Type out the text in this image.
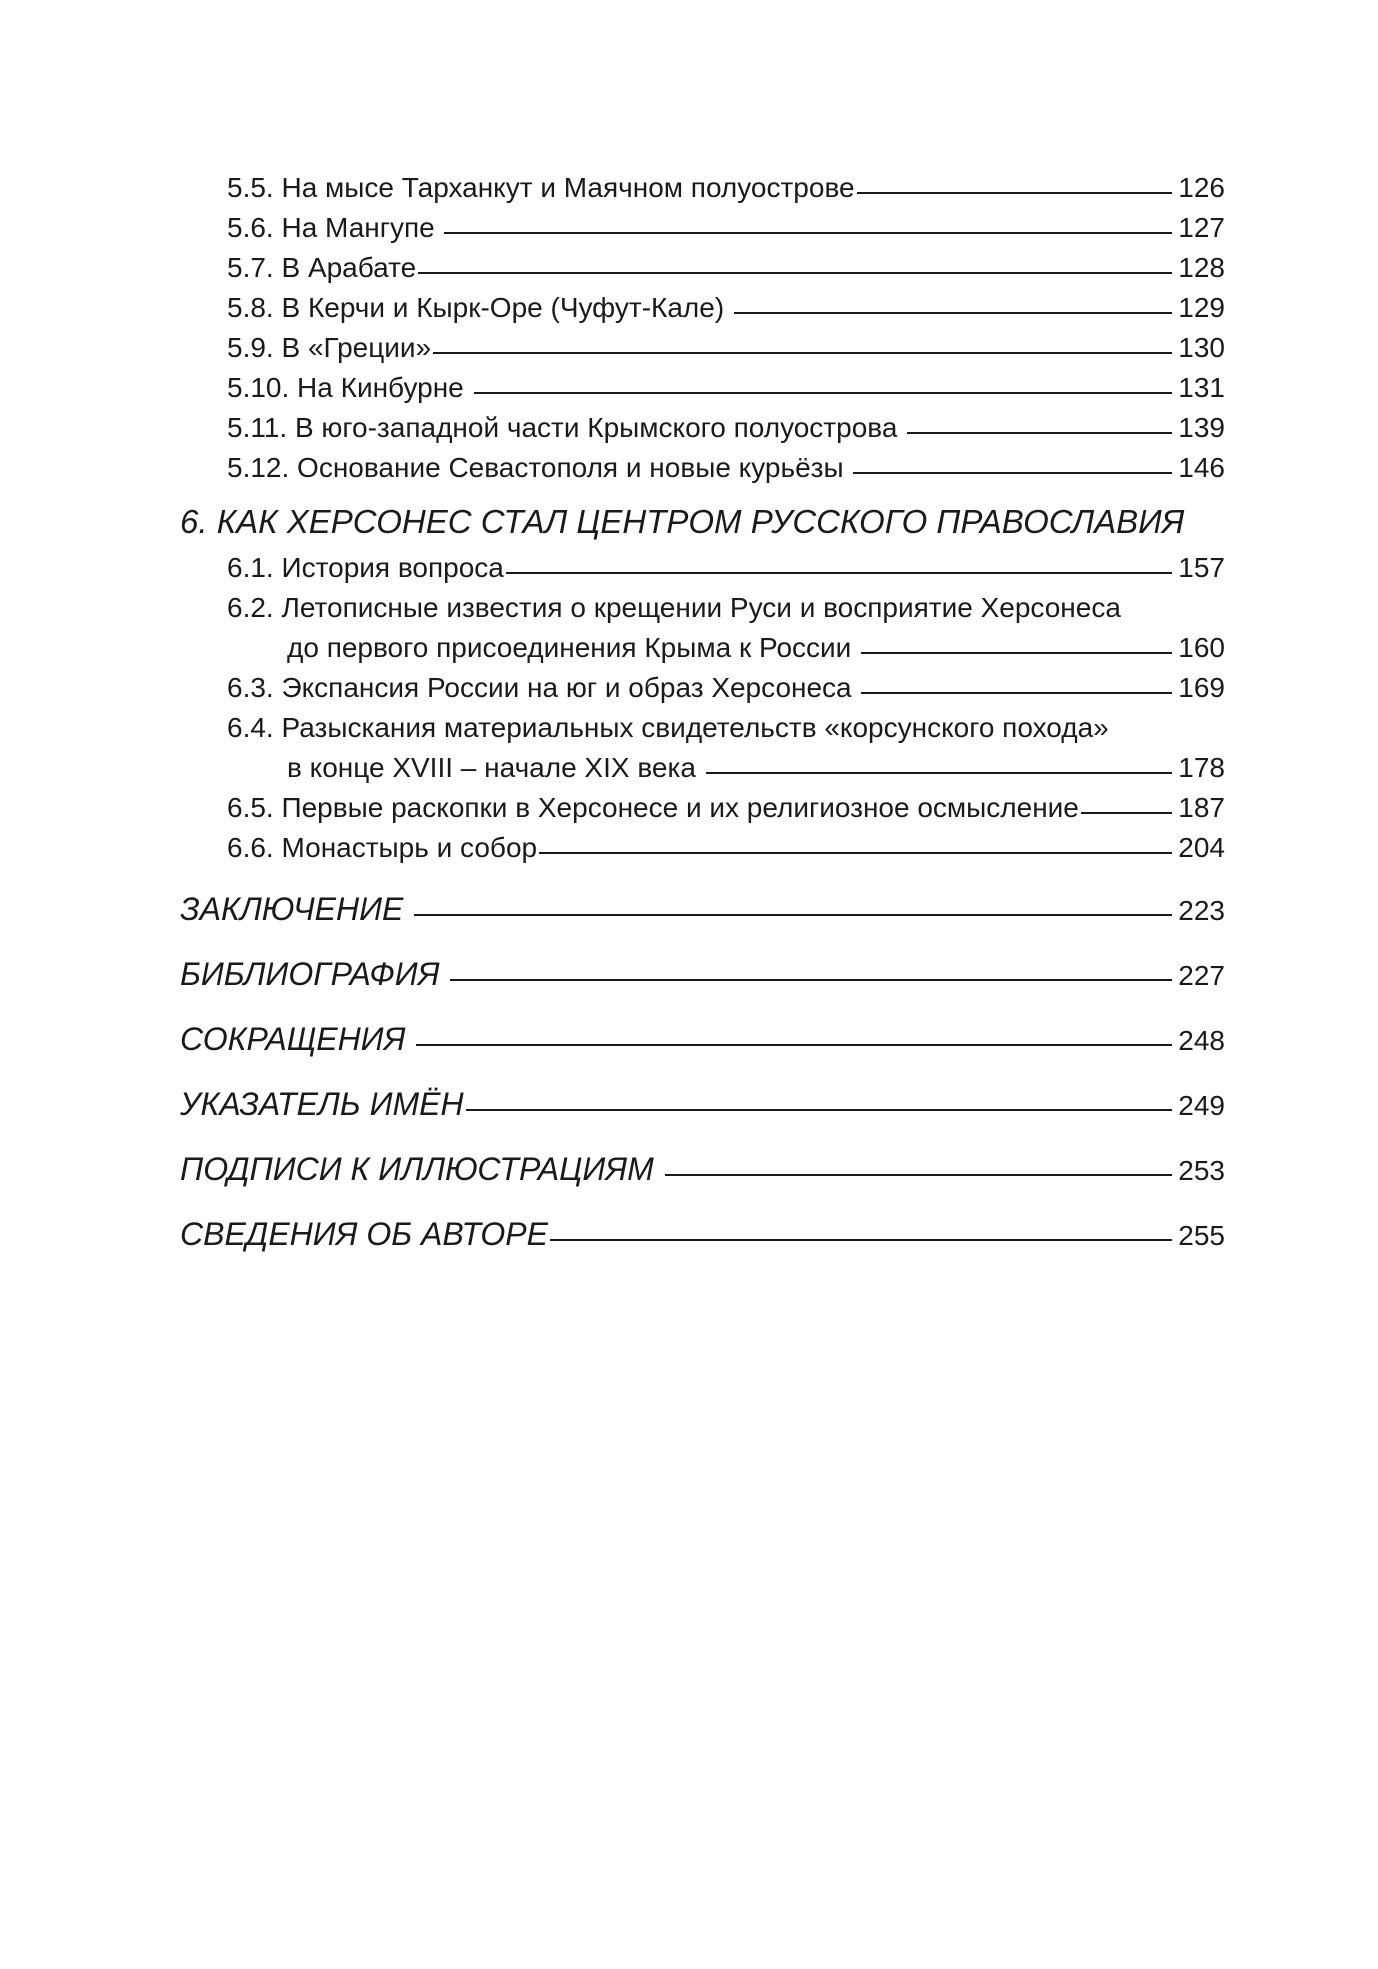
5.5. На мысе Тарханкут и Маячном полуострове	126
5.6. На Мангупе	127
5.7. В Арабате	128
5.8. В Керчи и Кырк-Оре (Чуфут-Кале)	129
5.9. В «Греции»	130
5.10. На Кинбурне	131
5.11. В юго-западной части Крымского полуострова	139
5.12. Основание Севастополя и новые курьёзы	146
6. КАК ХЕРСОНЕС СТАЛ ЦЕНТРОМ РУССКОГО ПРАВОСЛАВИЯ
6.1. История вопроса	157
6.2. Летописные известия о крещении Руси и восприятие Херсонеса
до первого присоединения Крыма к России	160
6.3. Экспансия России на юг и образ Херсонеса	169
6.4. Разыскания материальных свидетельств «корсунского похода»
в конце XVIII – начале XIX века	178
6.5. Первые раскопки в Херсонесе и их религиозное осмысление	187
6.6. Монастырь и собор	204
ЗАКЛЮЧЕНИЕ	223
БИБЛИОГРАФИЯ	227
СОКРАЩЕНИЯ	248
УКАЗАТЕЛЬ ИМЁН	249
ПОДПИСИ К ИЛЛЮСТРАЦИЯМ	253
СВЕДЕНИЯ ОБ АВТОРЕ	255
